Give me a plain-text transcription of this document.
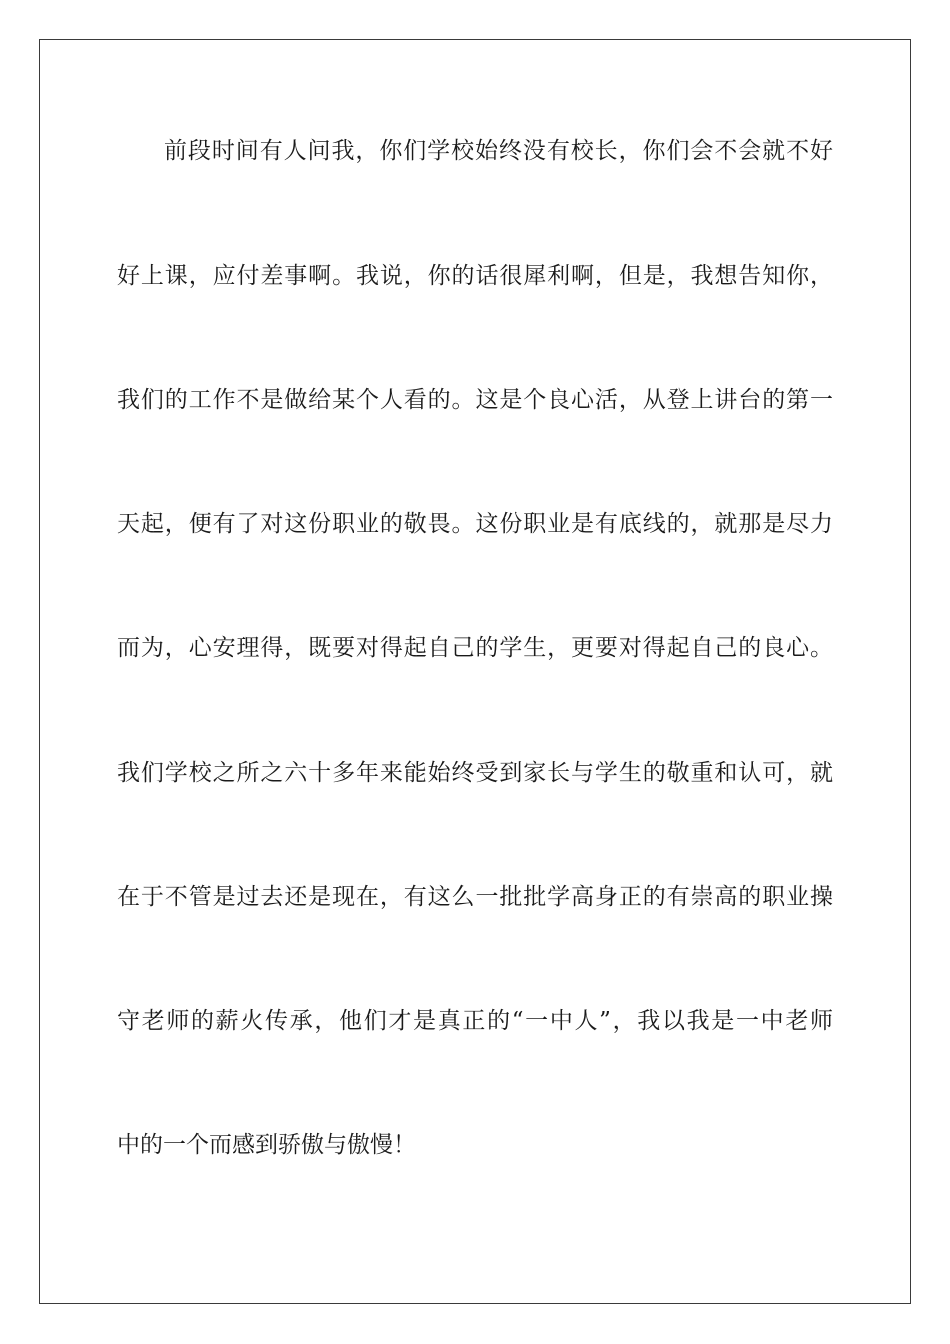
前段时间有人问我，你们学校始终没有校长，你们会不会就不好
好上课，应付差事啊。我说，你的话很犀利啊，但是，我想告知你，
我们的工作不是做给某个人看的。这是个良心活，从登上讲台的第一
天起，便有了对这份职业的敬畏。这份职业是有底线的，就那是尽力
而为，心安理得，既要对得起自己的学生，更要对得起自己的良心。
我们学校之所之六十多年来能始终受到家长与学生的敬重和认可，就
在于不管是过去还是现在，有这么一批批学高身正的有崇高的职业操
守老师的薪火传承，他们才是真正的“一中人”，我以我是一中老师
中的一个而感到骄傲与傲慢！
